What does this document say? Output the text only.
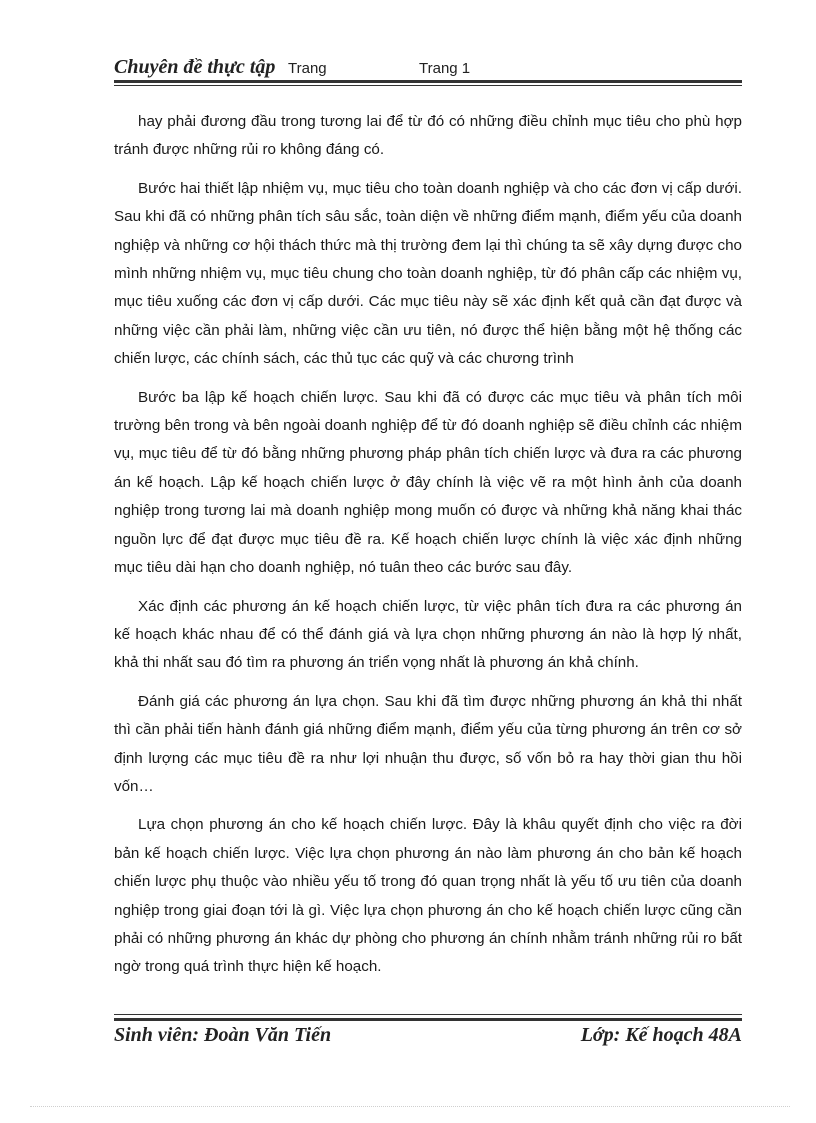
Chuyên đề thực tập Trang	Trang 1

hay phải đương đầu trong tương lai để từ đó có những điều chỉnh mục tiêu cho phù hợp tránh được những rủi ro không đáng có.

Bước hai thiết lập nhiệm vụ, mục tiêu cho toàn doanh nghiệp và cho các đơn vị cấp dưới. Sau khi đã có những phân tích sâu sắc, toàn diện về những điểm mạnh, điểm yếu của doanh nghiệp và những cơ hội thách thức mà thị trường đem lại thì chúng ta sẽ xây dựng được cho mình những nhiệm vụ, mục tiêu chung cho toàn doanh nghiệp, từ đó phân cấp các nhiệm vụ, mục tiêu xuống các đơn vị cấp dưới. Các mục tiêu này sẽ xác định kết quả cần đạt được và những việc cần phải làm, những việc cần ưu tiên, nó được thể hiện bằng một hệ thống các chiến lược, các chính sách, các thủ tục các quỹ và các chương trình

Bước ba lập kế hoạch chiến lược. Sau khi đã có được các mục tiêu và phân tích môi trường bên trong và bên ngoài doanh nghiệp để từ đó doanh nghiệp sẽ điều chỉnh các nhiệm vụ, mục tiêu để từ đó bằng những phương pháp phân tích chiến lược và đưa ra các phương án kế hoạch. Lập kế hoạch chiến lược ở đây chính là việc vẽ ra một hình ảnh của doanh nghiệp trong tương lai mà doanh nghiệp mong muốn có được và những khả năng khai thác nguồn lực để đạt được mục tiêu đề ra. Kế hoạch chiến lược chính là việc xác định những mục tiêu dài hạn cho doanh nghiệp, nó tuân theo các bước sau đây.

Xác định các phương án kế hoạch chiến lược, từ việc phân tích đưa ra các phương án kế hoạch khác nhau để có thể đánh giá và lựa chọn những phương án nào là hợp lý nhất, khả thi nhất sau đó tìm ra phương án triển vọng nhất là phương án khả chính.

Đánh giá các phương án lựa chọn. Sau khi đã tìm được những phương án khả thi nhất thì cần phải tiến hành đánh giá những điểm mạnh, điểm yếu của từng phương án trên cơ sở định lượng các mục tiêu đề ra như lợi nhuận thu được, số vốn bỏ ra hay thời gian thu hồi vốn…

Lựa chọn phương án cho kế hoạch chiến lược. Đây là khâu quyết định cho việc ra đời bản kế hoạch chiến lược. Việc lựa chọn phương án nào làm phương án cho bản kế hoạch chiến lược phụ thuộc vào nhiều yếu tố trong đó quan trọng nhất là yếu tố ưu tiên của doanh nghiệp trong giai đoạn tới là gì. Việc lựa chọn phương án cho kế hoạch chiến lược cũng cần phải có những phương án khác dự phòng cho phương án chính nhằm tránh những rủi ro bất ngờ trong quá trình thực hiện kế hoạch.

Sinh viên: Đoàn Văn Tiến	Lớp: Kế hoạch 48A
